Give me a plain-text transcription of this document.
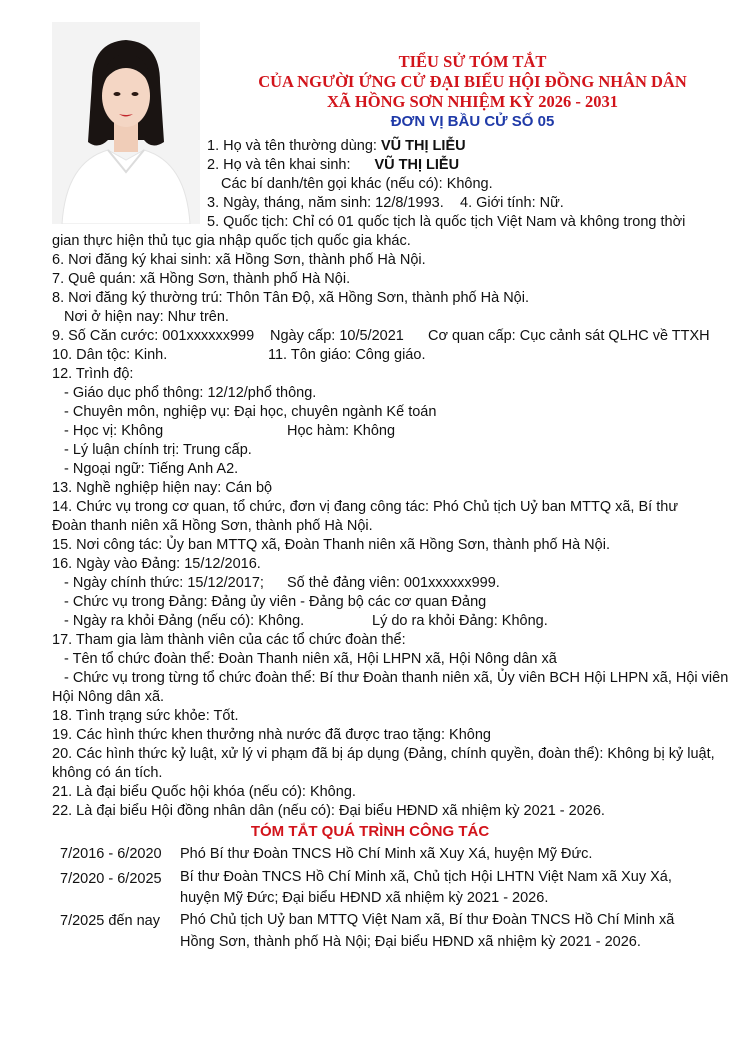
TIỂU SỬ TÓM TẮT
CỦA NGƯỜI ỨNG CỬ ĐẠI BIỂU HỘI ĐỒNG NHÂN DÂN
XÃ HỒNG SƠN NHIỆM KỲ 2026 - 2031
ĐƠN VỊ BẦU CỬ SỐ 05
1. Họ và tên thường dùng: VŨ THỊ LIỄU
2. Họ và tên khai sinh: VŨ THỊ LIỄU
Các bí danh/tên gọi khác (nếu có): Không.
3. Ngày, tháng, năm sinh: 12/8/1993. 4. Giới tính: Nữ.
5. Quốc tịch: Chỉ có 01 quốc tịch là quốc tịch Việt Nam và không trong thời
gian thực hiện thủ tục gia nhập quốc tịch quốc gia khác.
6. Nơi đăng ký khai sinh: xã Hồng Sơn, thành phố Hà Nội.
7. Quê quán: xã Hồng Sơn, thành phố Hà Nội.
8. Nơi đăng ký thường trú: Thôn Tân Độ, xã Hồng Sơn, thành phố Hà Nội.
Nơi ở hiện nay: Như trên.
9. Số Căn cước: 001xxxxxx999 Ngày cấp: 10/5/2021 Cơ quan cấp: Cục cảnh sát QLHC về TTXH
10. Dân tộc: Kinh.	11. Tôn giáo: Công giáo.
12. Trình độ:
- Giáo dục phổ thông: 12/12/phổ thông.
- Chuyên môn, nghiệp vụ: Đại học, chuyên ngành Kế toán
- Học vị: Không	Học hàm: Không
- Lý luận chính trị: Trung cấp.
- Ngoại ngữ: Tiếng Anh A2.
13. Nghề nghiệp hiện nay: Cán bộ
14. Chức vụ trong cơ quan, tổ chức, đơn vị đang công tác: Phó Chủ tịch Uỷ ban MTTQ xã, Bí thư
Đoàn thanh niên xã Hồng Sơn, thành phố Hà Nội.
15. Nơi công tác: Ủy ban MTTQ xã, Đoàn Thanh niên xã Hồng Sơn, thành phố Hà Nội.
16. Ngày vào Đảng: 15/12/2016.
- Ngày chính thức: 15/12/2017; Số thẻ đảng viên: 001xxxxxx999.
- Chức vụ trong Đảng: Đảng ủy viên - Đảng bộ các cơ quan Đảng
- Ngày ra khỏi Đảng (nếu có): Không.	Lý do ra khỏi Đảng: Không.
17. Tham gia làm thành viên của các tổ chức đoàn thể:
- Tên tổ chức đoàn thể: Đoàn Thanh niên xã, Hội LHPN xã, Hội Nông dân xã
- Chức vụ trong từng tổ chức đoàn thể: Bí thư Đoàn thanh niên xã, Ủy viên BCH Hội LHPN xã, Hội viên
Hội Nông dân xã.
18. Tình trạng sức khỏe: Tốt.
19. Các hình thức khen thưởng nhà nước đã được trao tặng: Không
20. Các hình thức kỷ luật, xử lý vi phạm đã bị áp dụng (Đảng, chính quyền, đoàn thể): Không bị kỷ luật,
không có án tích.
21. Là đại biểu Quốc hội khóa (nếu có): Không.
22. Là đại biểu Hội đồng nhân dân (nếu có): Đại biểu HĐND xã nhiệm kỳ 2021 - 2026.
TÓM TẮT QUÁ TRÌNH CÔNG TÁC
7/2016 - 6/2020 Phó Bí thư Đoàn TNCS Hồ Chí Minh xã Xuy Xá, huyện Mỹ Đức.
7/2020 - 6/2025 Bí thư Đoàn TNCS Hồ Chí Minh xã, Chủ tịch Hội LHTN Việt Nam xã Xuy Xá,
huyện Mỹ Đức; Đại biểu HĐND xã nhiệm kỳ 2021 - 2026.
7/2025 đến nay Phó Chủ tịch Uỷ ban MTTQ Việt Nam xã, Bí thư Đoàn TNCS Hồ Chí Minh xã
Hồng Sơn, thành phố Hà Nội; Đại biểu HĐND xã nhiệm kỳ 2021 - 2026.
